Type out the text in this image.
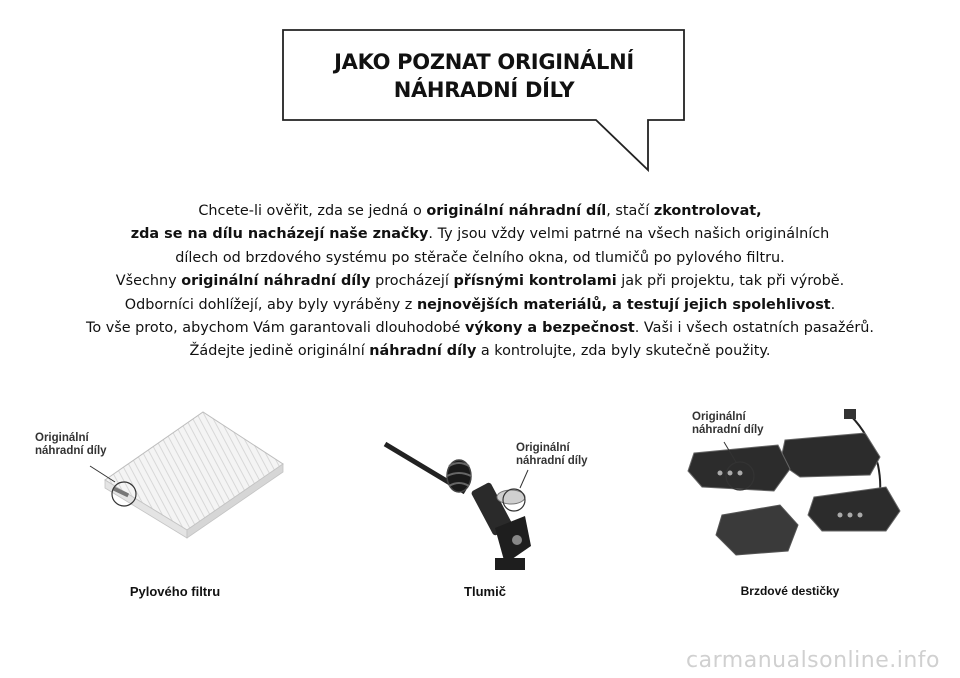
JAKO POZNAT ORIGINÁLNÍ
NÁHRADNÍ DÍLY
Chcete-li ověřit, zda se jedná o originální náhradní díl, stačí zkontrolovat,
zda se na dílu nacházejí naše značky. Ty jsou vždy velmi patrné na všech našich originálních
dílech od brzdového systému po stěrače čelního okna, od tlumičů po pylového filtru.
Všechny originální náhradní díly procházejí přísnými kontrolami jak při projektu, tak při výrobě.
Odborníci dohlížejí, aby byly vyráběny z nejnovějších materiálů, a testují jejich spolehlivost.
To vše proto, abychom Vám garantovali dlouhodobé výkony a bezpečnost. Vaši i všech ostatních pasažérů.
Žádejte jedině originální náhradní díly a kontrolujte, zda byly skutečně použity.
Originální
náhradní díly
Pylového filtru
Originální
náhradní díly
Tlumič
Originální
náhradní díly
Brzdové destičky
carmanualsonline.info
